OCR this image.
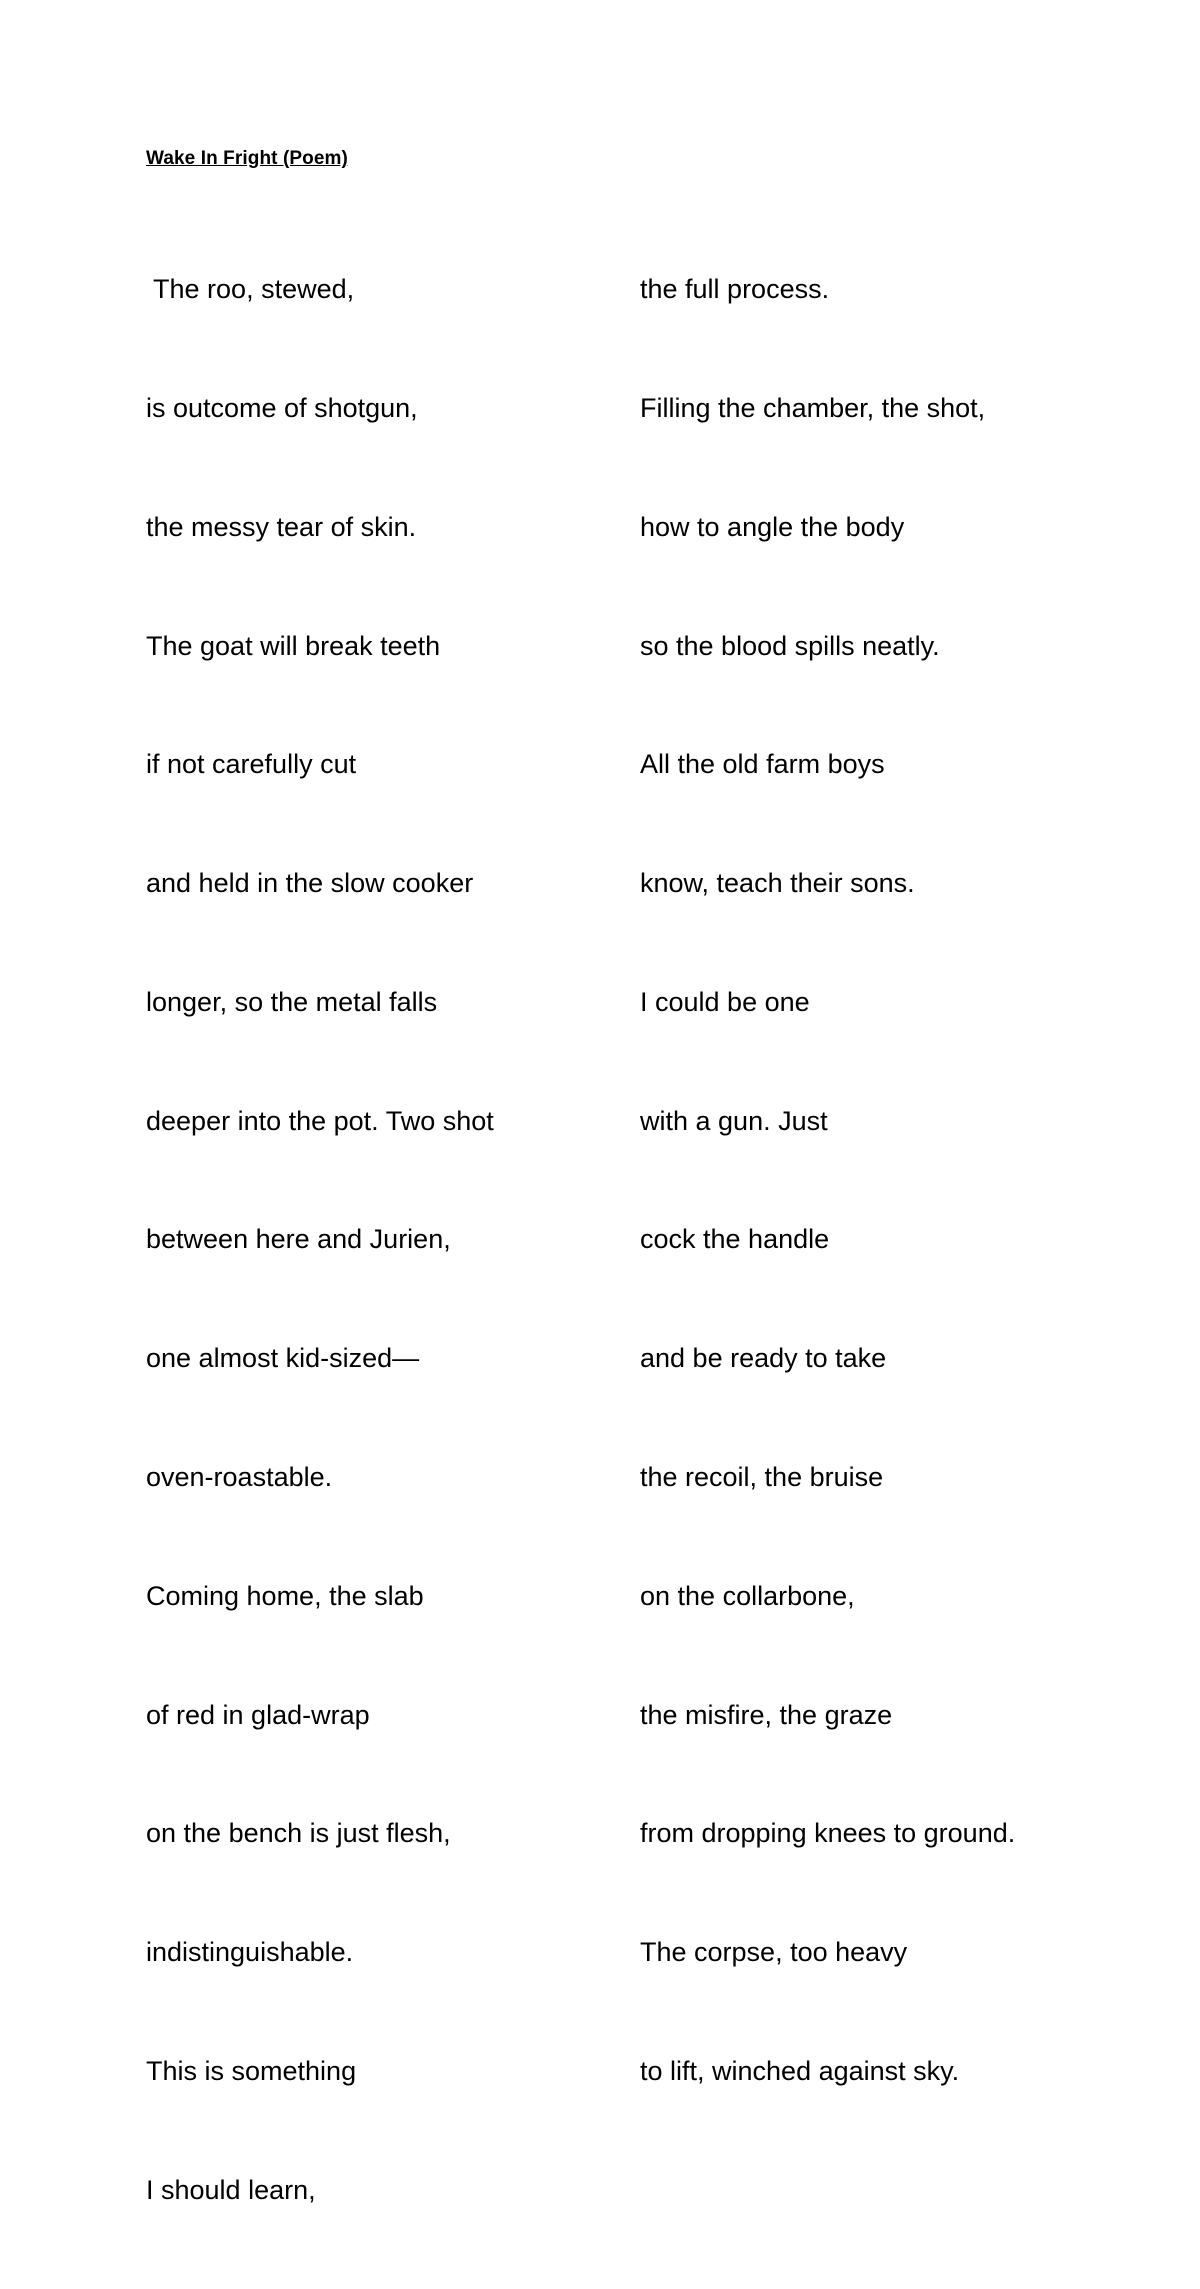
Wake In Fright (Poem)

The roo, stewed,

is outcome of shotgun,

the messy tear of skin.

The goat will break teeth

if not carefully cut

and held in the slow cooker

longer, so the metal falls

deeper into the pot. Two shot

between here and Jurien,

one almost kid-sized—

oven-roastable.

Coming home, the slab

of red in glad-wrap

on the bench is just flesh,

indistinguishable.

This is something

I should learn,

the full process.

Filling the chamber, the shot,

how to angle the body

so the blood spills neatly.

All the old farm boys

know, teach their sons.

I could be one

with a gun. Just

cock the handle

and be ready to take

the recoil, the bruise

on the collarbone,

the misfire, the graze

from dropping knees to ground.

The corpse, too heavy

to lift, winched against sky.
